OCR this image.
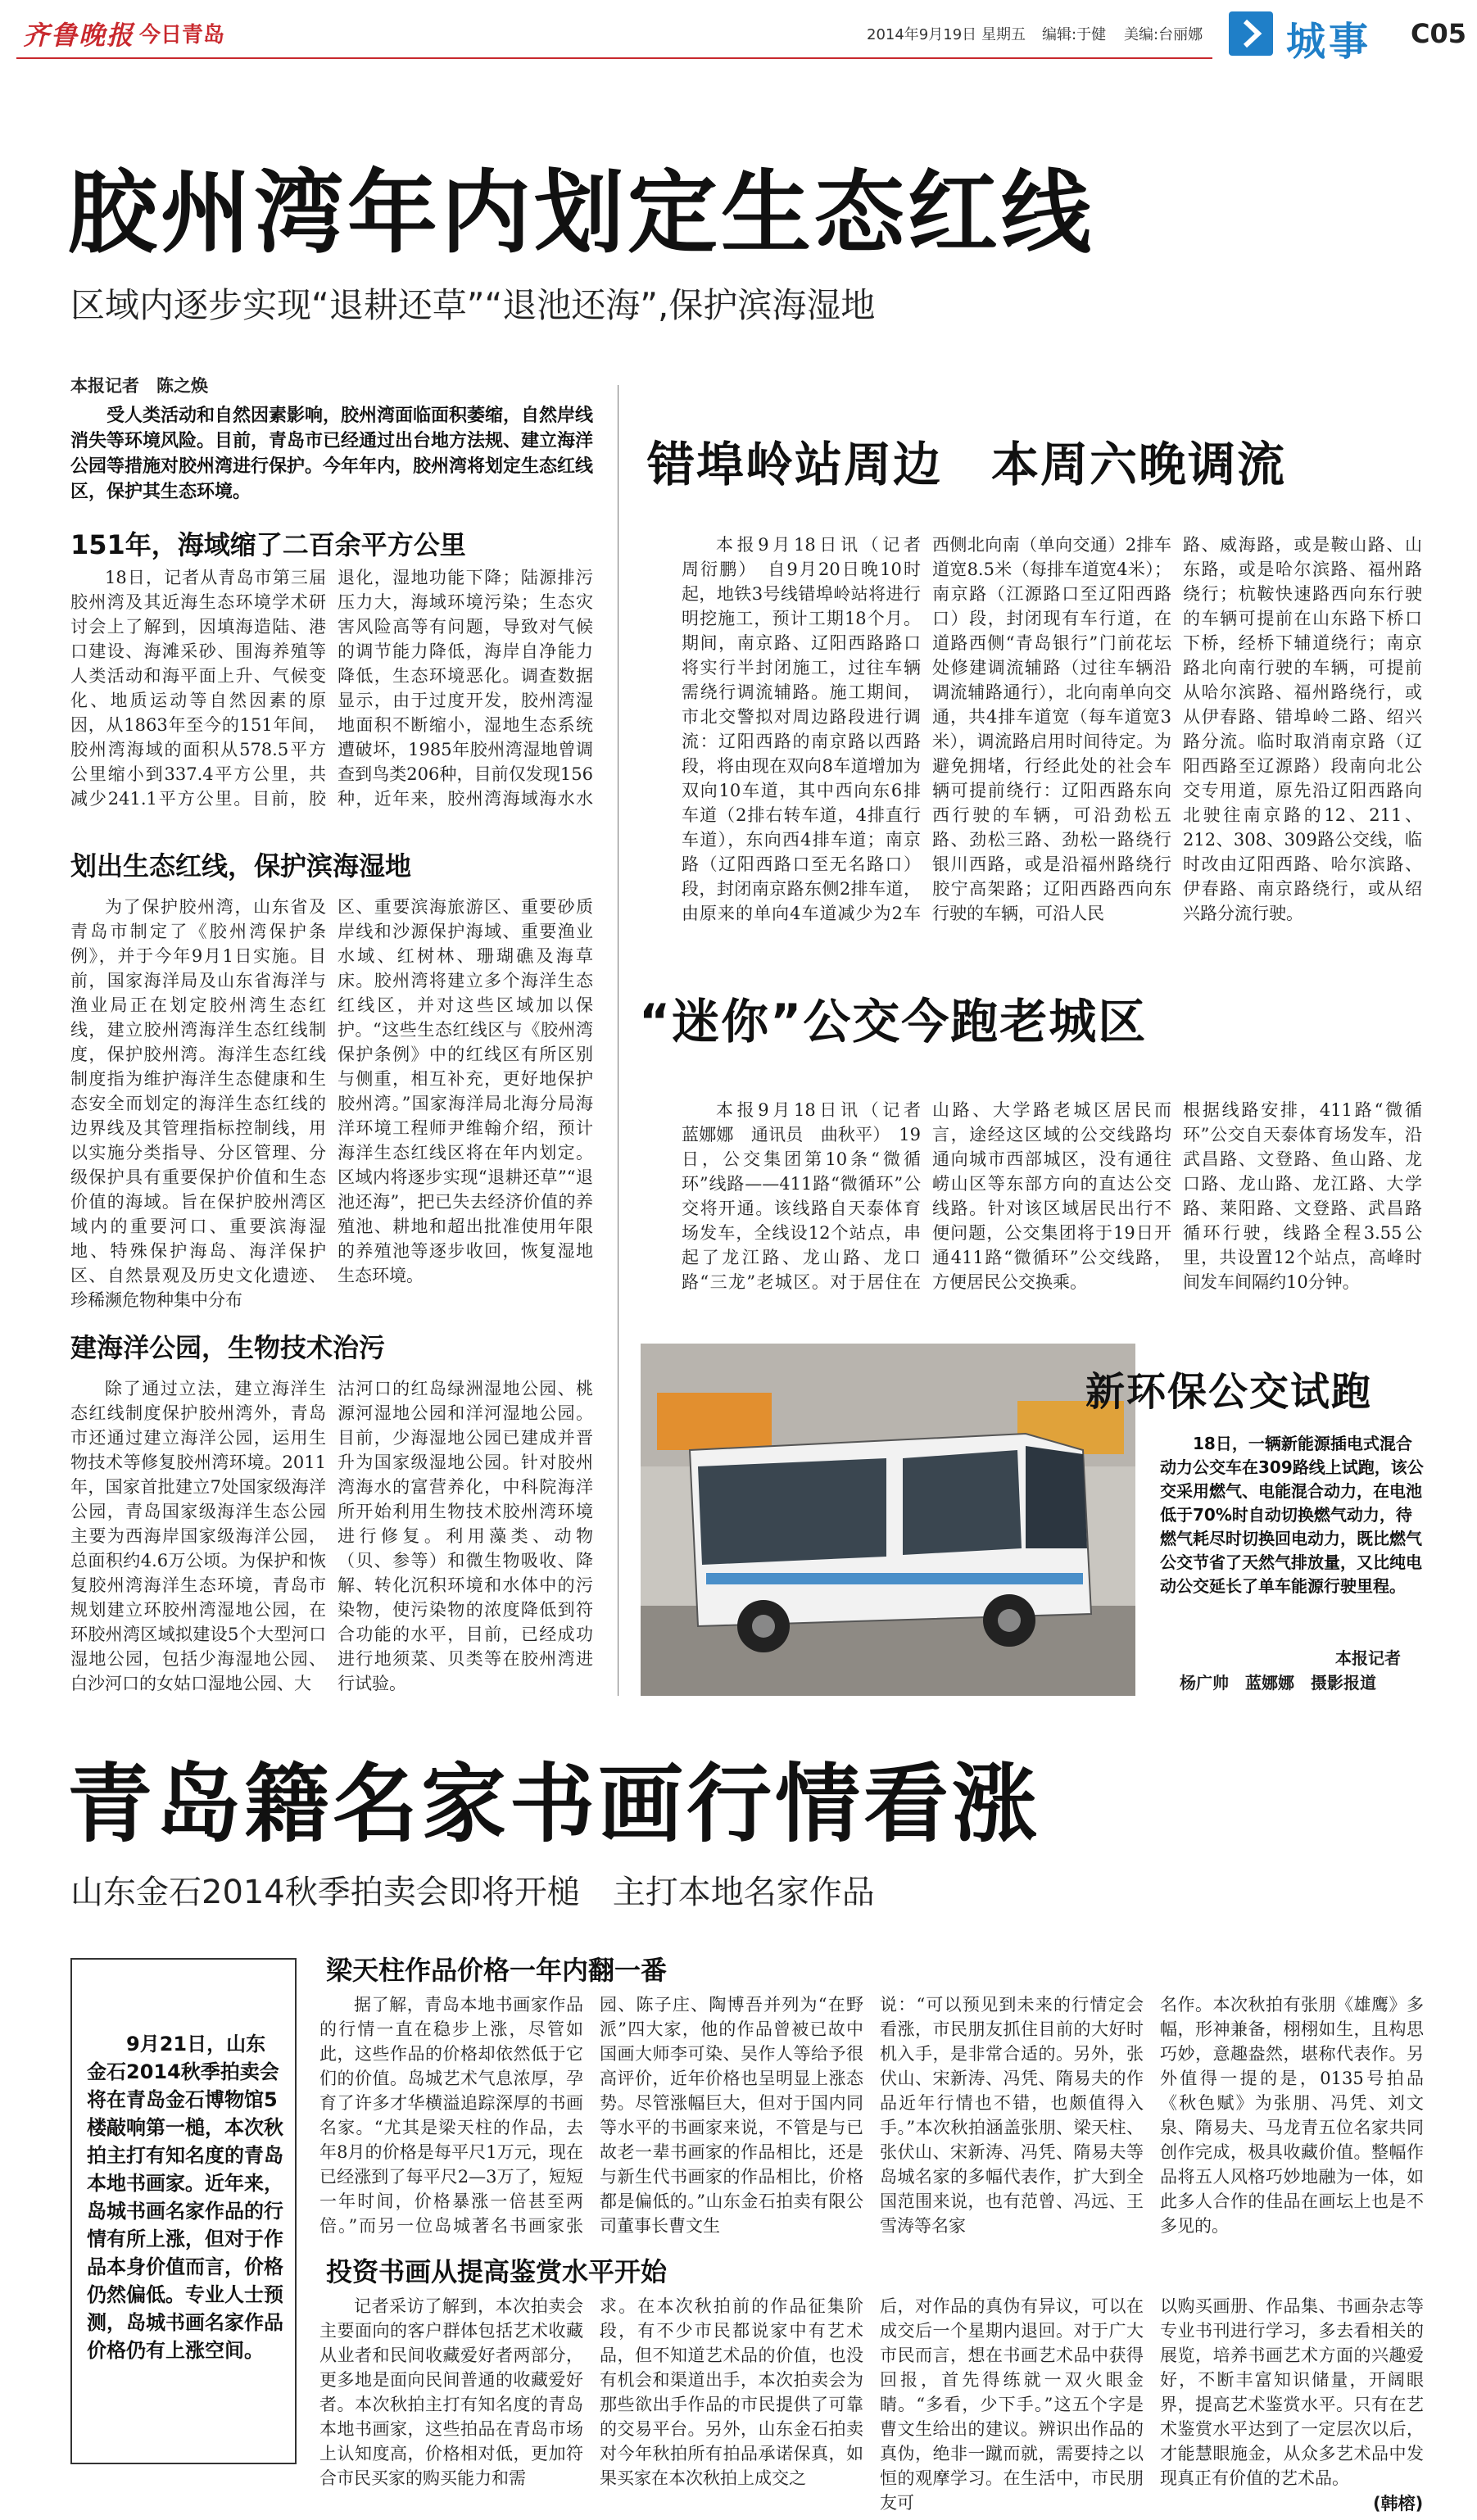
齐鲁晚报 今日青岛	2014年9月19日 星期五 编辑:于健 美编:台丽娜 城事 C05
胶州湾年内划定生态红线
区域内逐步实现“退耕还草”“退池还海”,保护滨海湿地
本报记者　陈之焕

受人类活动和自然因素影响，胶州湾面临面积萎缩，自然岸线消失等环境风险。目前，青岛市已经通过出台地方法规、建立海洋公园等措施对胶州湾进行保护。今年年内，胶州湾将划定生态红线区，保护其生态环境。

151年，海域缩了二百余平方公里

18日，记者从青岛市第三届胶州湾及其近海生态环境学术研讨会上了解到，因填海造陆、港口建设、海滩采砂、围海养殖等人类活动和海平面上升、气候变化、地质运动等自然因素的原因，从1863年至今的151年间，胶州湾海域的面积从578.5平方公里缩小到337.4平方公里，共减少241.1平方公里。目前，胶

退化，湿地功能下降；陆源排污压力大，海域环境污染；生态灾害风险高等有问题，导致对气候的调节能力降低，海岸自净能力降低，生态环境恶化。调查数据显示，由于过度开发，胶州湾湿地面积不断缩小，湿地生态系统遭破坏，1985年胶州湾湿地曾调查到鸟类206种，目前仅发现156种，近年来，胶州湾海域海水水

划出生态红线，保护滨海湿地

为了保护胶州湾，山东省及青岛市制定了《胶州湾保护条例》，并于今年9月1日实施。目前，国家海洋局及山东省海洋与渔业局正在划定胶州湾生态红线，建立胶州湾海洋生态红线制度，保护胶州湾。海洋生态红线制度指为维护海洋生态健康和生态安全而划定的海洋生态红线的边界线及其管理指标控制线，用以实施分类指导、分区管理、分级保护具有重要保护价值和生态价值的海域。旨在保护胶州湾区域内的重要河口、重要滨海湿地、特殊保护海岛、海洋保护区、自然景观及历史文化遗迹、珍稀濒危物种集中分布

区、重要滨海旅游区、重要砂质岸线和沙源保护海域、重要渔业水域、红树林、珊瑚礁及海草床。胶州湾将建立多个海洋生态红线区，并对这些区域加以保护。“这些生态红线区与《胶州湾保护条例》中的红线区有所区别与侧重，相互补充，更好地保护胶州湾。”国家海洋局北海分局海洋环境工程师尹维翰介绍，预计海洋生态红线区将在年内划定。区域内将逐步实现“退耕还草”“退池还海”，把已失去经济价值的养殖池、耕地和超出批准使用年限的养殖池等逐步收回，恢复湿地生态环境。

建海洋公园，生物技术治污

除了通过立法，建立海洋生态红线制度保护胶州湾外，青岛市还通过建立海洋公园，运用生物技术等修复胶州湾环境。2011年，国家首批建立7处国家级海洋公园，青岛国家级海洋生态公园主要为西海岸国家级海洋公园，总面积约4.6万公顷。为保护和恢复胶州湾海洋生态环境，青岛市规划建立环胶州湾湿地公园，在环胶州湾区域拟建设5个大型河口湿地公园，包括少海湿地公园、白沙河口的女姑口湿地公园、大

沽河口的红岛绿洲湿地公园、桃源河湿地公园和洋河湿地公园。目前，少海湿地公园已建成并晋升为国家级湿地公园。针对胶州湾海水的富营养化，中科院海洋所开始利用生物技术胶州湾环境进行修复。利用藻类、动物（贝、参等）和微生物吸收、降解、转化沉积环境和水体中的污染物，使污染物的浓度降低到符合功能的水平，目前，已经成功进行地须菜、贝类等在胶州湾进行试验。

错埠岭站周边　本周六晚调流

本报9月18日讯（记者　周衍鹏）　自9月20日晚10时起，地铁3号线错埠岭站将进行明挖施工，预计工期18个月。期间，南京路、辽阳西路路口将实行半封闭施工，过往车辆需绕行调流辅路。施工期间，市北交警拟对周边路段进行调流：辽阳西路的南京路以西路段，将由现在双向8车道增加为双向10车道，其中西向东6排车道（2排右转车道，4排直行车道），东向西4排车道；南京路（辽阳西路口至无名路口）段，封闭南京路东侧2排车道，由原来的单向4车道减少为2车

西侧北向南（单向交通）2排车道宽8.5米（每排车道宽4米）；南京路（江源路口至辽阳西路口）段，封闭现有车行道，在道路西侧“青岛银行”门前花坛处修建调流辅路（过往车辆沿调流辅路通行），北向南单向交通，共4排车道宽（每车道宽3米），调流路启用时间待定。为避免拥堵，行经此处的社会车辆可提前绕行：辽阳西路东向西行驶的车辆，可沿劲松五路、劲松三路、劲松一路绕行银川西路，或是沿福州路绕行胶宁高架路；辽阳西路西向东行驶的车辆，可沿人民

路、威海路，或是鞍山路、山东路，或是哈尔滨路、福州路绕行；杭鞍快速路西向东行驶的车辆可提前在山东路下桥口下桥，经桥下辅道绕行；南京路北向南行驶的车辆，可提前从哈尔滨路、福州路绕行，或从伊春路、错埠岭二路、绍兴路分流。临时取消南京路（辽阳西路至辽源路）段南向北公交专用道，原先沿辽阳西路向北驶往南京路的12、211、212、308、309路公交线，临时改由辽阳西路、哈尔滨路、伊春路、南京路绕行，或从绍兴路分流行驶。

“迷你”公交今跑老城区

本报9月18日讯（记者　蓝娜娜　通讯员　曲秋平）　19日，公交集团第10条“微循环”线路——411路“微循环”公交将开通。该线路自天泰体育场发车，全线设12个站点，串起了龙江路、龙山路、龙口路“三龙”老城区。对于居住在

山路、大学路老城区居民而言，途经这区域的公交线路均通向城市西部城区，没有通往崂山区等东部方向的直达公交线路。针对该区域居民出行不便问题，公交集团将于19日开通411路“微循环”公交线路，方便居民公交换乘。

根据线路安排，411路“微循环”公交自天泰体育场发车，沿武昌路、文登路、鱼山路、龙口路、龙山路、龙江路、大学路、莱阳路、文登路、武昌路循环行驶，线路全程3.55公里，共设置12个站点，高峰时间发车间隔约10分钟。

新环保公交试跑

18日，一辆新能源插电式混合动力公交车在309路线上试跑，该公交采用燃气、电能混合动力，在电池低于70%时自动切换燃气动力，待燃气耗尽时切换回电动力，既比燃气公交节省了天然气排放量，又比纯电动公交延长了单车能源行驶里程。

本报记者
杨广帅　蓝娜娜　摄影报道
青岛籍名家书画行情看涨
山东金石2014秋季拍卖会即将开槌　主打本地名家作品

9月21日，山东金石2014秋季拍卖会将在青岛金石博物馆5楼敲响第一槌，本次秋拍主打有知名度的青岛本地书画家。近年来，岛城书画名家作品的行情有所上涨，但对于作品本身价值而言，价格仍然偏低。专业人士预测，岛城书画名家作品价格仍有上涨空间。

梁天柱作品价格一年内翻一番

据了解，青岛本地书画家作品的行情一直在稳步上涨，尽管如此，这些作品的价格却依然低于它们的价值。岛城艺术气息浓厚，孕育了许多才华横溢追踪深厚的书画名家。“尤其是梁天柱的作品，去年8月的价格是每平尺1万元，现在已经涨到了每平尺2—3万了，短短一年时间，价格暴涨一倍甚至两倍。”而另一位岛城著名书画家张

园、陈子庄、陶博吾并列为“在野派”四大家，他的作品曾被已故中国画大师李可染、吴作人等给予很高评价，近年价格也呈明显上涨态势。尽管涨幅巨大，但对于国内同等水平的书画家来说，不管是与已故老一辈书画家的作品相比，还是与新生代书画家的作品相比，价格都是偏低的。”山东金石拍卖有限公司董事长曹文生

说：“可以预见到未来的行情定会看涨，市民朋友抓住目前的大好时机入手，是非常合适的。另外，张伏山、宋新涛、冯凭、隋易夫的作品近年行情也不错，也颇值得入手。”本次秋拍涵盖张朋、梁天柱、张伏山、宋新涛、冯凭、隋易夫等岛城名家的多幅代表作，扩大到全国范围来说，也有范曾、冯远、王雪涛等名家

名作。本次秋拍有张朋《雄鹰》多幅，形神兼备，栩栩如生，且构思巧妙，意趣盎然，堪称代表作。另外值得一提的是，0135号拍品《秋色赋》为张朋、冯凭、刘文泉、隋易夫、马龙青五位名家共同创作完成，极具收藏价值。整幅作品将五人风格巧妙地融为一体，如此多人合作的佳品在画坛上也是不多见的。

投资书画从提高鉴赏水平开始

记者采访了解到，本次拍卖会主要面向的客户群体包括艺术收藏从业者和民间收藏爱好者两部分，更多地是面向民间普通的收藏爱好者。本次秋拍主打有知名度的青岛本地书画家，这些拍品在青岛市场上认知度高，价格相对低，更加符合市民买家的购买能力和需

求。在本次秋拍前的作品征集阶段，有不少市民都说家中有艺术品，但不知道艺术品的价值，也没有机会和渠道出手，本次拍卖会为那些欲出手作品的市民提供了可靠的交易平台。另外，山东金石拍卖对今年秋拍所有拍品承诺保真，如果买家在本次秋拍上成交之

后，对作品的真伪有异议，可以在成交后一个星期内退回。对于广大市民而言，想在书画艺术品中获得回报，首先得练就一双火眼金睛。“多看，少下手。”这五个字是曹文生给出的建议。辨识出作品的真伪，绝非一蹴而就，需要持之以恒的观摩学习。在生活中，市民朋友可

以购买画册、作品集、书画杂志等专业书刊进行学习，多去看相关的展览，培养书画艺术方面的兴趣爱好，不断丰富知识储量，开阔眼界，提高艺术鉴赏水平。只有在艺术鉴赏水平达到了一定层次以后，才能慧眼施金，从众多艺术品中发现真正有价值的艺术品。

(韩榕)
